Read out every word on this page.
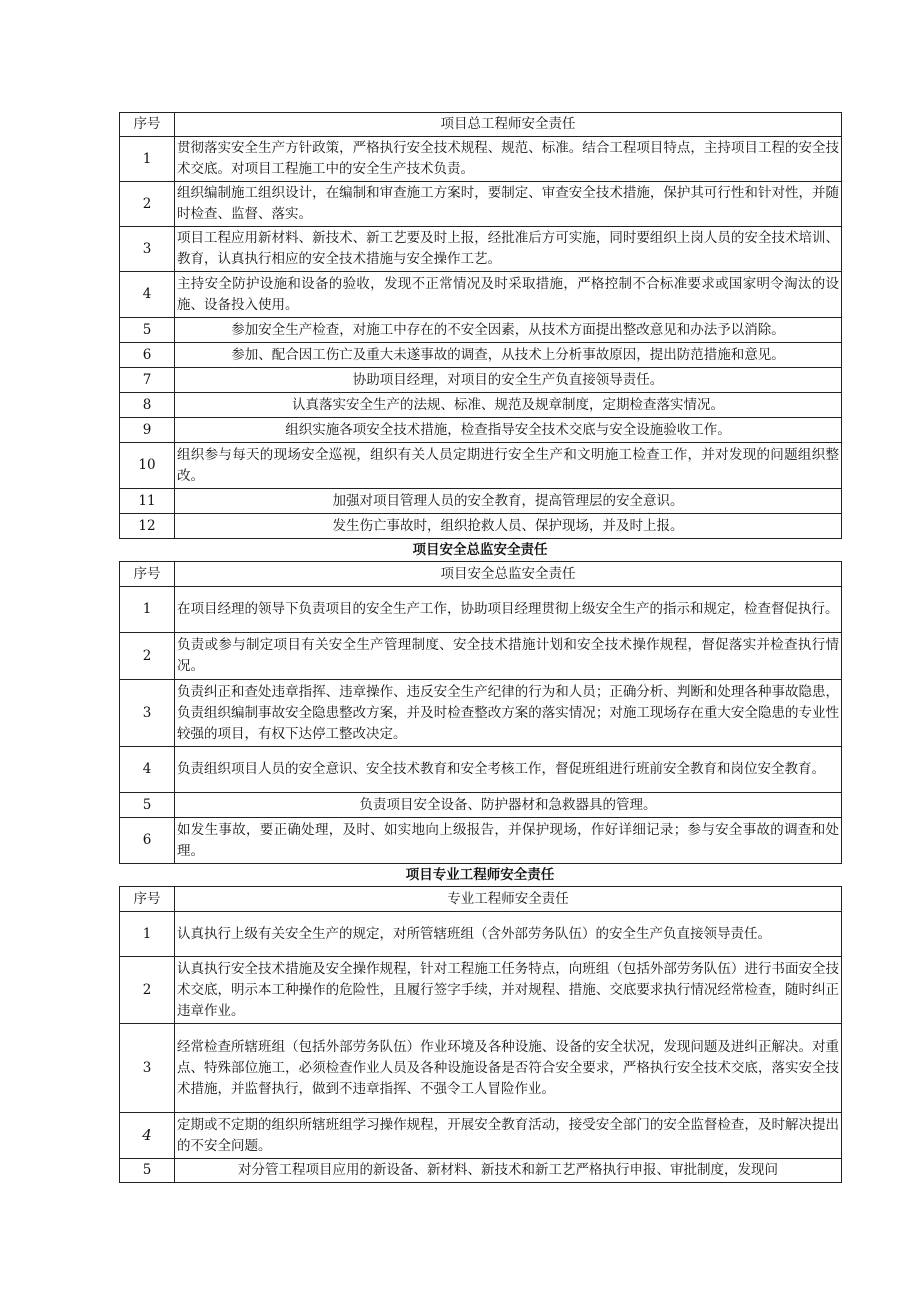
序号	项目总工程师安全责任
1	贯彻落实安全生产方针政策，严格执行安全技术规程、规范、标准。结合工程项目特点，主持项目工程的安全技术交底。对项目工程施工中的安全生产技术负责。
2	组织编制施工组织设计，在编制和审查施工方案时，要制定、审查安全技术措施，保护其可行性和针对性，并随时检查、监督、落实。
3	项目工程应用新材料、新技术、新工艺要及时上报，经批准后方可实施，同时要组织上岗人员的安全技术培训、教育，认真执行相应的安全技术措施与安全操作工艺。
4	主持安全防护设施和设备的验收，发现不正常情况及时采取措施，严格控制不合标准要求或国家明令淘汰的设施、设备投入使用。
5	参加安全生产检查，对施工中存在的不安全因素，从技术方面提出整改意见和办法予以消除。
6	参加、配合因工伤亡及重大未遂事故的调查，从技术上分析事故原因，提出防范措施和意见。
7	协助项目经理，对项目的安全生产负直接领导责任。
8	认真落实安全生产的法规、标准、规范及规章制度，定期检查落实情况。
9	组织实施各项安全技术措施，检查指导安全技术交底与安全设施验收工作。
10	组织参与每天的现场安全巡视，组织有关人员定期进行安全生产和文明施工检查工作，并对发现的问题组织整改。
11	加强对项目管理人员的安全教育，提高管理层的安全意识。
12	发生伤亡事故时，组织抢救人员、保护现场，并及时上报。
项目安全总监安全责任
序号	项目安全总监安全责任
1	在项目经理的领导下负责项目的安全生产工作，协助项目经理贯彻上级安全生产的指示和规定，检查督促执行。
2	负责或参与制定项目有关安全生产管理制度、安全技术措施计划和安全技术操作规程，督促落实并检查执行情况。
3	负责纠正和查处违章指挥、违章操作、违反安全生产纪律的行为和人员；正确分析、判断和处理各种事故隐患，负责组织编制事故安全隐患整改方案，并及时检查整改方案的落实情况；对施工现场存在重大安全隐患的专业性较强的项目，有权下达停工整改决定。
4	负责组织项目人员的安全意识、安全技术教育和安全考核工作，督促班组进行班前安全教育和岗位安全教育。
5	负责项目安全设备、防护器材和急救器具的管理。
6	如发生事故，要正确处理，及时、如实地向上级报告，并保护现场，作好详细记录；参与安全事故的调查和处理。
项目专业工程师安全责任
序号	专业工程师安全责任
1	认真执行上级有关安全生产的规定，对所管辖班组（含外部劳务队伍）的安全生产负直接领导责任。
2	认真执行安全技术措施及安全操作规程，针对工程施工任务特点，向班组（包括外部劳务队伍）进行书面安全技术交底，明示本工种操作的危险性，且履行签字手续，并对规程、措施、交底要求执行情况经常检查，随时纠正违章作业。
3	经常检查所辖班组（包括外部劳务队伍）作业环境及各种设施、设备的安全状况，发现问题及进纠正解决。对重点、特殊部位施工，必须检查作业人员及各种设施设备是否符合安全要求，严格执行安全技术交底，落实安全技术措施，并监督执行，做到不违章指挥、不强令工人冒险作业。
4	定期或不定期的组织所辖班组学习操作规程，开展安全教育活动，接受安全部门的安全监督检查，及时解决提出的不安全问题。
5	对分管工程项目应用的新设备、新材料、新技术和新工艺严格执行申报、审批制度，发现问
